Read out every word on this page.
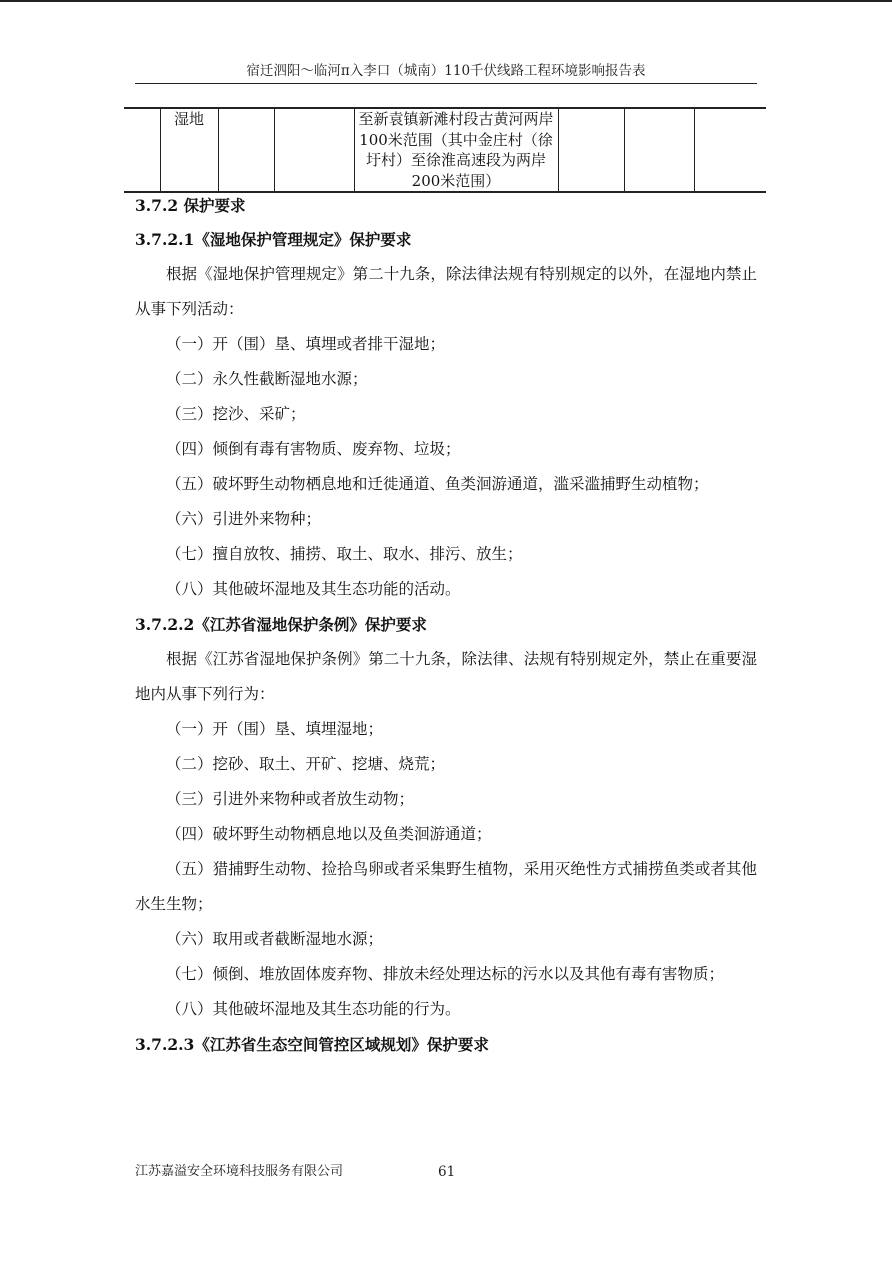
宿迁泗阳～临河π入李口（城南）110千伏线路工程环境影响报告表
	湿地			至新袁镇新滩村段古黄河两岸100米范围（其中金庄村（徐圩村）至徐淮高速段为两岸200米范围）			
3.7.2 保护要求
3.7.2.1《湿地保护管理规定》保护要求
根据《湿地保护管理规定》第二十九条，除法律法规有特别规定的以外，在湿地内禁止从事下列活动：
（一）开（围）垦、填埋或者排干湿地；
（二）永久性截断湿地水源；
（三）挖沙、采矿；
（四）倾倒有毒有害物质、废弃物、垃圾；
（五）破坏野生动物栖息地和迁徙通道、鱼类洄游通道，滥采滥捕野生动植物；
（六）引进外来物种；
（七）擅自放牧、捕捞、取土、取水、排污、放生；
（八）其他破坏湿地及其生态功能的活动。
3.7.2.2《江苏省湿地保护条例》保护要求
根据《江苏省湿地保护条例》第二十九条，除法律、法规有特别规定外，禁止在重要湿地内从事下列行为：
（一）开（围）垦、填埋湿地；
（二）挖砂、取土、开矿、挖塘、烧荒；
（三）引进外来物种或者放生动物；
（四）破坏野生动物栖息地以及鱼类洄游通道；
（五）猎捕野生动物、捡拾鸟卵或者采集野生植物，采用灭绝性方式捕捞鱼类或者其他水生生物；
（六）取用或者截断湿地水源；
（七）倾倒、堆放固体废弃物、排放未经处理达标的污水以及其他有毒有害物质；
（八）其他破坏湿地及其生态功能的行为。
3.7.2.3《江苏省生态空间管控区域规划》保护要求
江苏嘉溢安全环境科技服务有限公司	61
